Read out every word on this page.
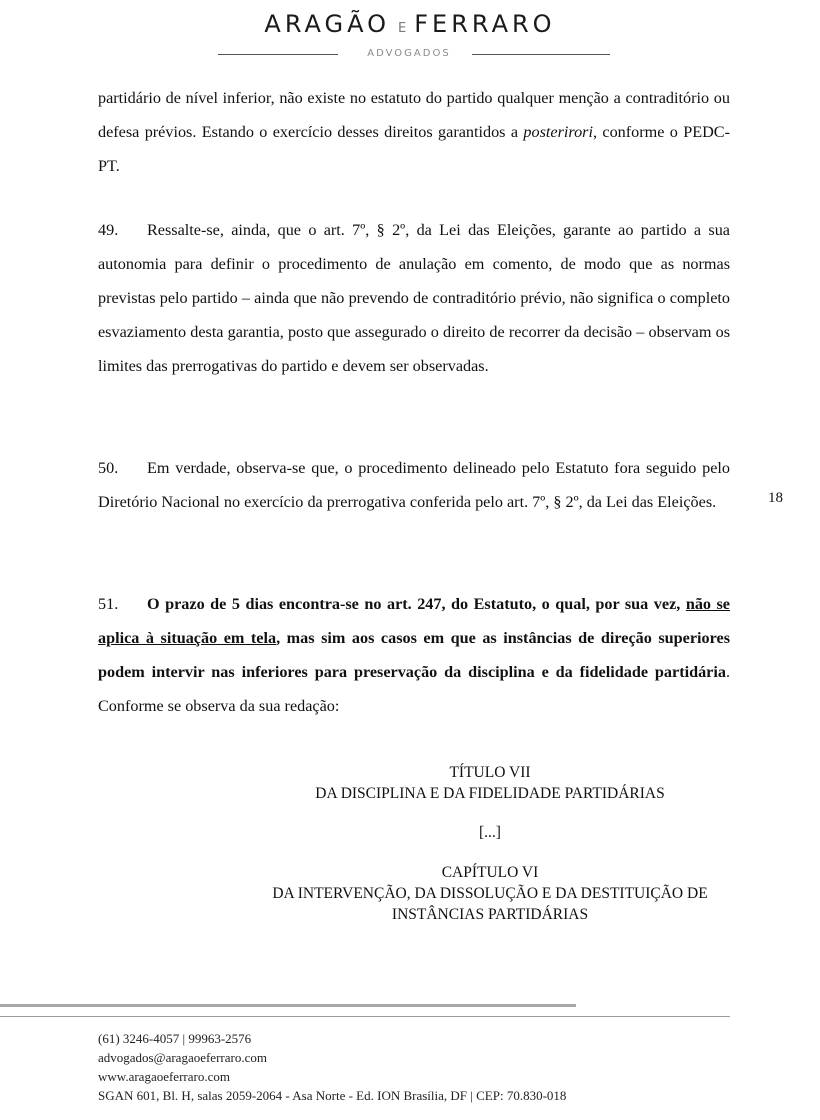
ARAGÃO E FERRARO
ADVOGADOS

partidário de nível inferior, não existe no estatuto do partido qualquer menção a contraditório ou defesa prévios. Estando o exercício desses direitos garantidos a posterirori, conforme o PEDC-PT.

49. Ressalte-se, ainda, que o art. 7º, § 2º, da Lei das Eleições, garante ao partido a sua autonomia para definir o procedimento de anulação em comento, de modo que as normas previstas pelo partido – ainda que não prevendo de contraditório prévio, não significa o completo esvaziamento desta garantia, posto que assegurado o direito de recorrer da decisão – observam os limites das prerrogativas do partido e devem ser observadas.

50. Em verdade, observa-se que, o procedimento delineado pelo Estatuto fora seguido pelo Diretório Nacional no exercício da prerrogativa conferida pelo art. 7º, § 2º, da Lei das Eleições.

51. O prazo de 5 dias encontra-se no art. 247, do Estatuto, o qual, por sua vez, não se aplica à situação em tela, mas sim aos casos em que as instâncias de direção superiores podem intervir nas inferiores para preservação da disciplina e da fidelidade partidária. Conforme se observa da sua redação:

18
TÍTULO VII
DA DISCIPLINA E DA FIDELIDADE PARTIDÁRIAS
[...]
CAPÍTULO VI
DA INTERVENÇÃO, DA DISSOLUÇÃO E DA DESTITUIÇÃO DE
INSTÂNCIAS PARTIDÁRIAS
(61) 3246-4057 | 99963-2576
advogados@aragaoeferraro.com
www.aragaoeferraro.com
SGAN 601, Bl. H, salas 2059-2064 - Asa Norte - Ed. ION Brasília, DF | CEP: 70.830-018
